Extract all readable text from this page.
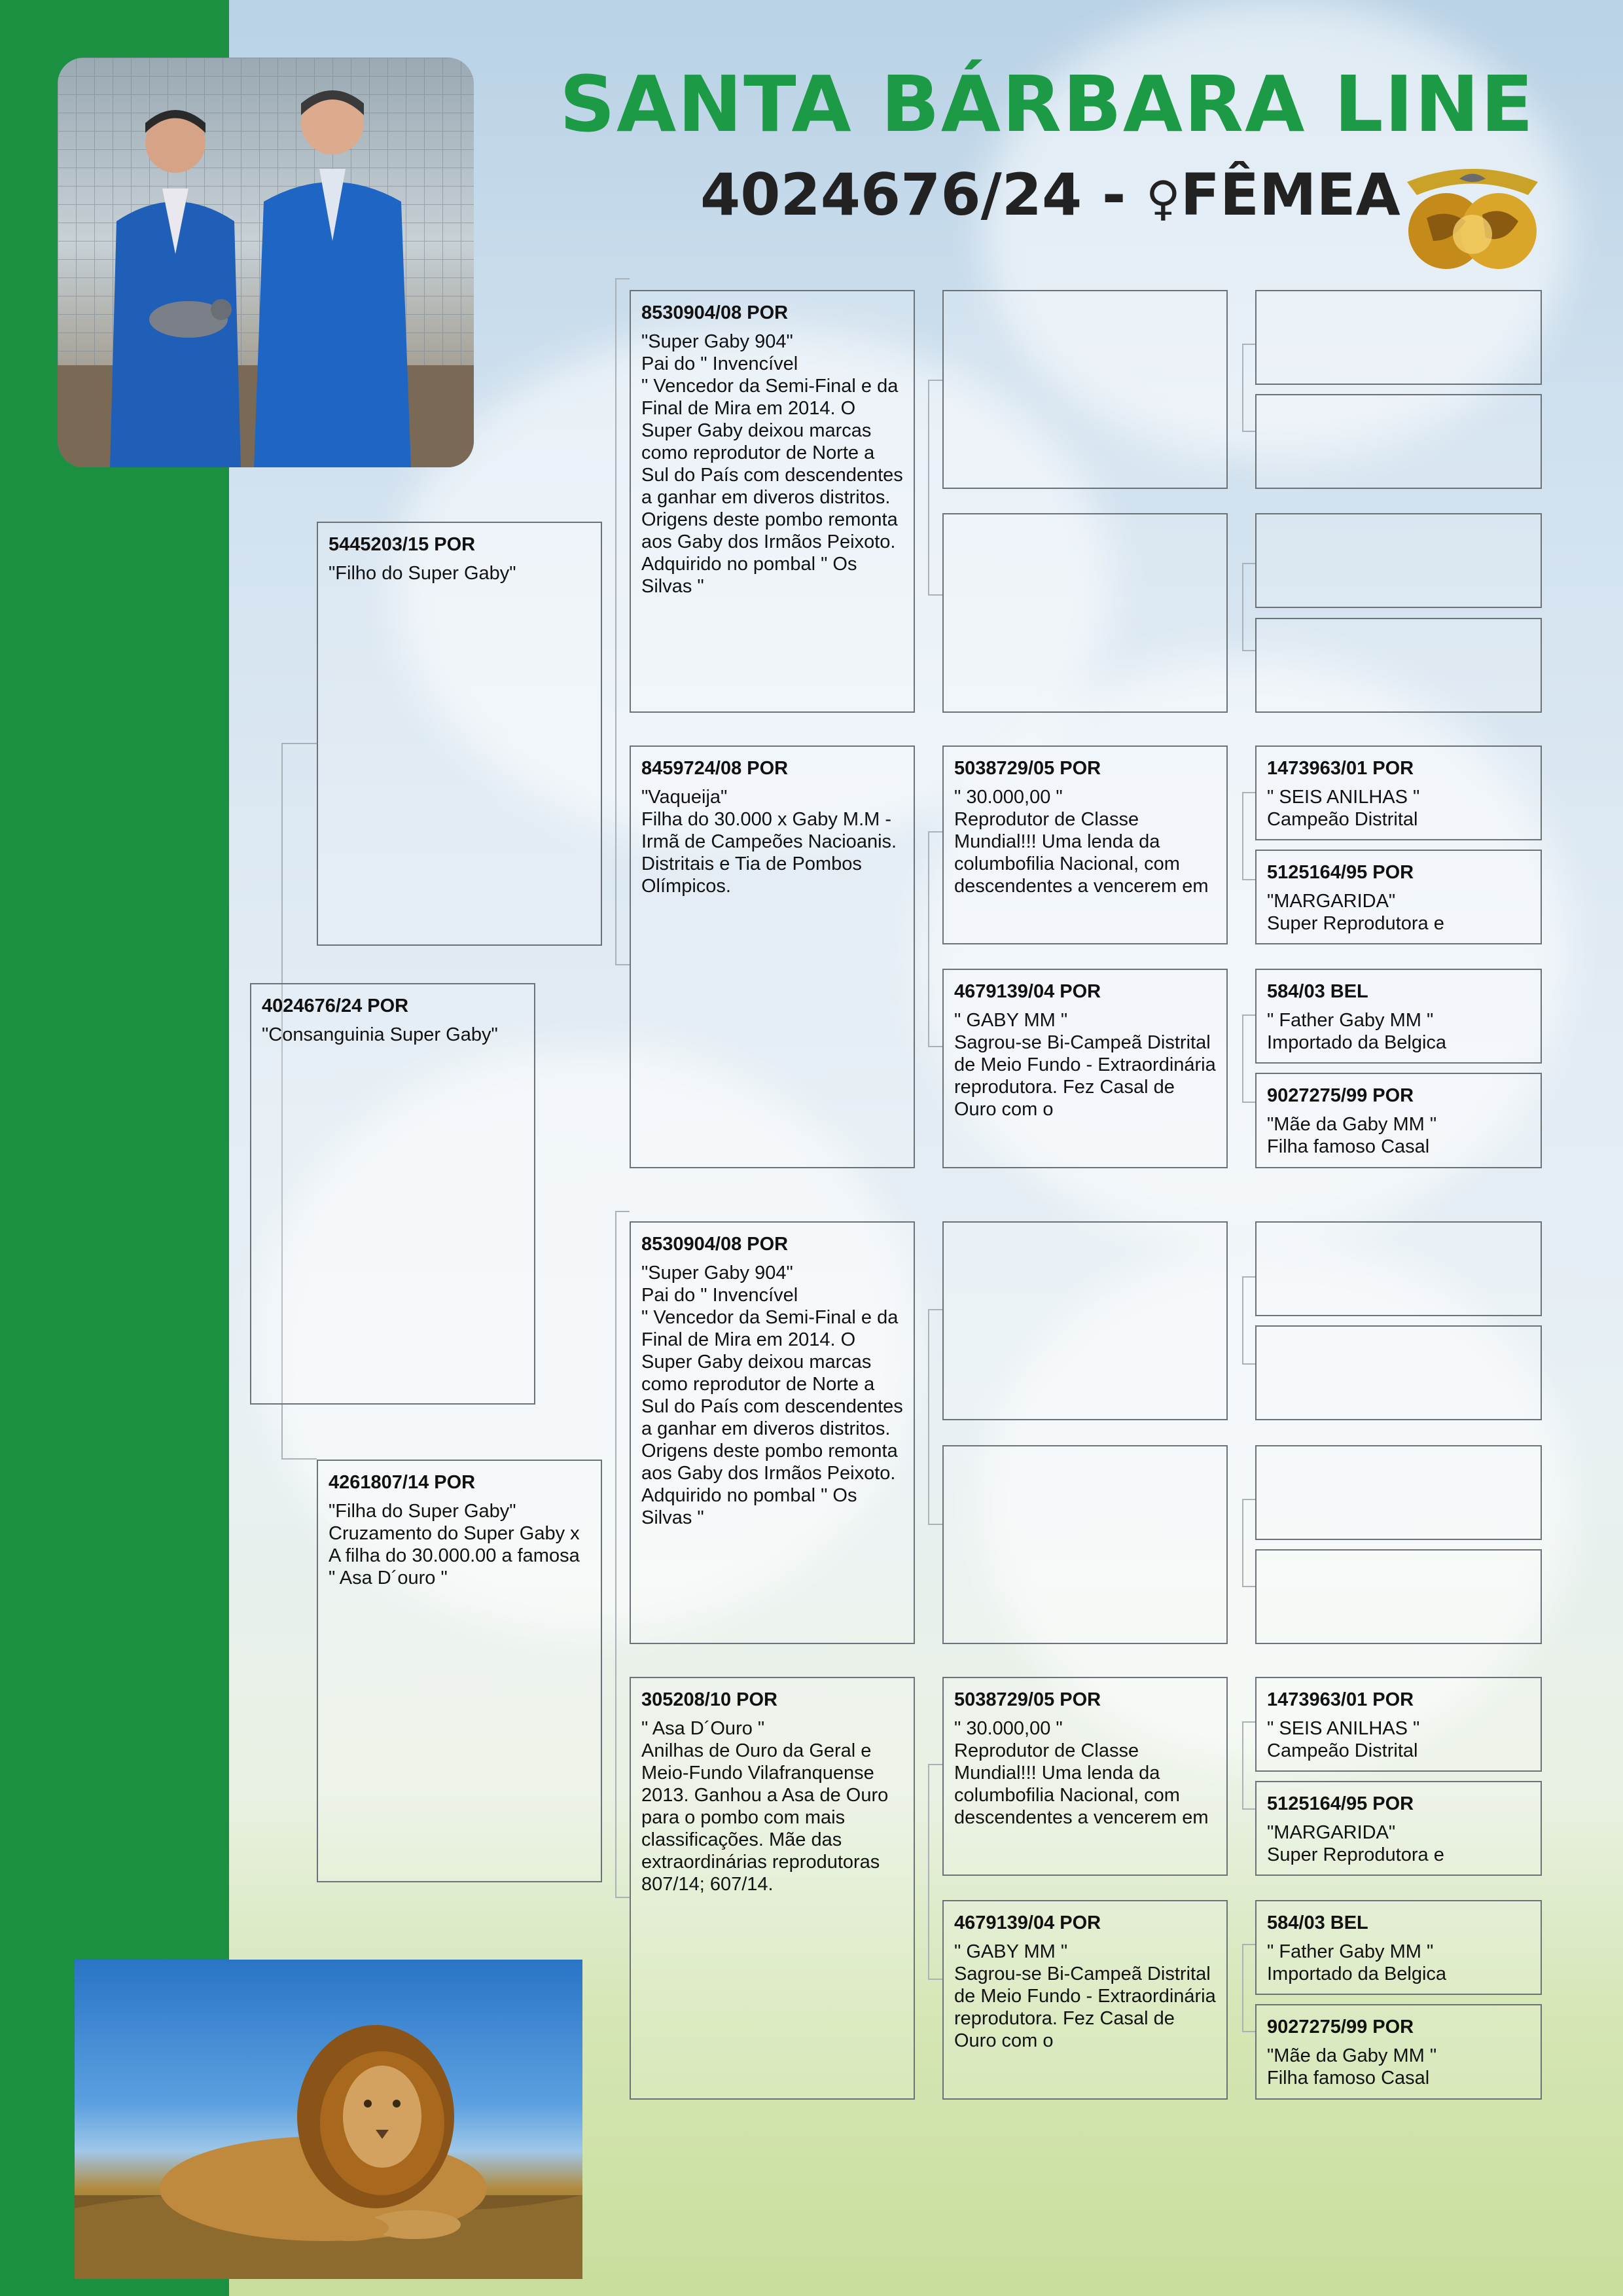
SANTA BÁRBARA LINE
4024676/24 - ♀FÊMEA
4024676/24 POR
"Consanguinia Super Gaby"
5445203/15 POR
"Filho do Super Gaby"
4261807/14 POR
"Filha do Super Gaby"
Cruzamento do Super Gaby x A filha do 30.000.00 a famosa " Asa D´ouro "
8530904/08 POR
"Super Gaby 904"
Pai do " Invencível
" Vencedor da Semi-Final e da Final de Mira em 2014. O Super Gaby deixou marcas como reprodutor de Norte a Sul do País com descendentes a ganhar em diveros distritos. Origens deste pombo remonta aos Gaby dos Irmãos Peixoto. Adquirido no pombal " Os Silvas "
8459724/08 POR
"Vaqueija"
Filha do 30.000 x Gaby M.M - Irmã de Campeões Nacioanis. Distritais e Tia de Pombos Olímpicos.
8530904/08 POR
"Super Gaby 904"
Pai do " Invencível
" Vencedor da Semi-Final e da Final de Mira em 2014. O Super Gaby deixou marcas como reprodutor de Norte a Sul do País com descendentes a ganhar em diveros distritos. Origens deste pombo remonta aos Gaby dos Irmãos Peixoto. Adquirido no pombal " Os Silvas "
305208/10 POR
" Asa D´Ouro "
Anilhas de Ouro da Geral e Meio-Fundo Vilafranquense 2013. Ganhou a Asa de Ouro para o pombo com mais classificações. Mãe das extraordinárias reprodutoras 807/14; 607/14.
5038729/05 POR
" 30.000,00 "
Reprodutor de Classe Mundial!!! Uma lenda da columbofilia Nacional, com descendentes a vencerem em
4679139/04 POR
" GABY MM "
Sagrou-se Bi-Campeã Distrital de Meio Fundo - Extraordinária reprodutora. Fez Casal de Ouro com o
5038729/05 POR
" 30.000,00 "
Reprodutor de Classe Mundial!!! Uma lenda da columbofilia Nacional, com descendentes a vencerem em
4679139/04 POR
" GABY MM "
Sagrou-se Bi-Campeã Distrital de Meio Fundo - Extraordinária reprodutora. Fez Casal de Ouro com o
1473963/01 POR
" SEIS ANILHAS "
Campeão Distrital
5125164/95 POR
"MARGARIDA"
Super Reprodutora e
584/03 BEL
" Father Gaby MM "
Importado da Belgica
9027275/99 POR
"Mãe da Gaby MM "
Filha famoso Casal
1473963/01 POR
" SEIS ANILHAS "
Campeão Distrital
5125164/95 POR
"MARGARIDA"
Super Reprodutora e
584/03 BEL
" Father Gaby MM "
Importado da Belgica
9027275/99 POR
"Mãe da Gaby MM "
Filha famoso Casal
